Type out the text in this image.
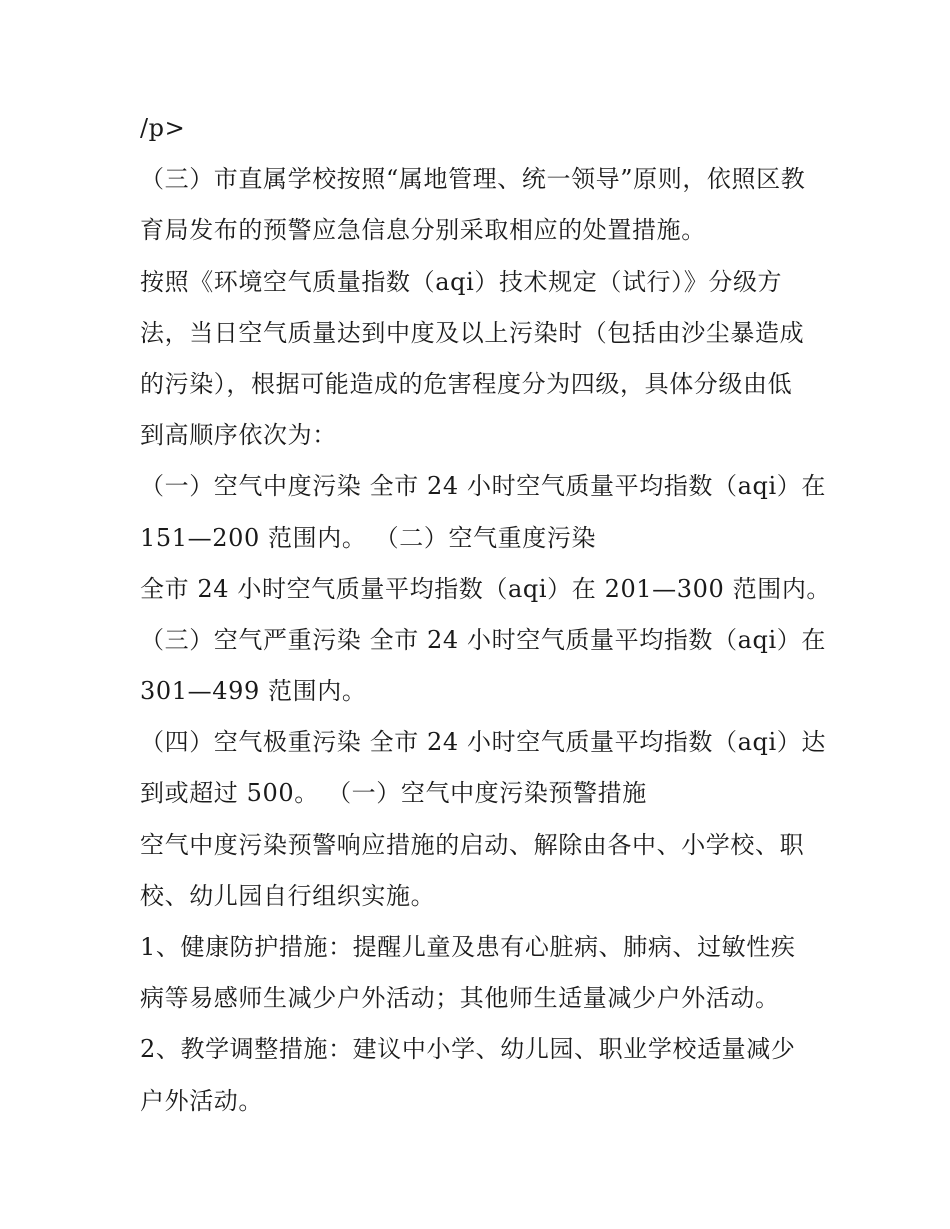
/p>
（三）市直属学校按照“属地管理、统一领导”原则，依照区教
育局发布的预警应急信息分别采取相应的处置措施。
按照《环境空气质量指数（aqi）技术规定（试行）》分级方
法，当日空气质量达到中度及以上污染时（包括由沙尘暴造成
的污染），根据可能造成的危害程度分为四级，具体分级由低
到高顺序依次为：
（一）空气中度污染 全市 24 小时空气质量平均指数（aqi）在
151—200 范围内。 （二）空气重度污染
全市 24 小时空气质量平均指数（aqi）在 201—300 范围内。
（三）空气严重污染 全市 24 小时空气质量平均指数（aqi）在
301—499 范围内。
（四）空气极重污染 全市 24 小时空气质量平均指数（aqi）达
到或超过 500。 （一）空气中度污染预警措施
空气中度污染预警响应措施的启动、解除由各中、小学校、职
校、幼儿园自行组织实施。
1、健康防护措施：提醒儿童及患有心脏病、肺病、过敏性疾
病等易感师生减少户外活动；其他师生适量减少户外活动。
2、教学调整措施：建议中小学、幼儿园、职业学校适量减少
户外活动。
